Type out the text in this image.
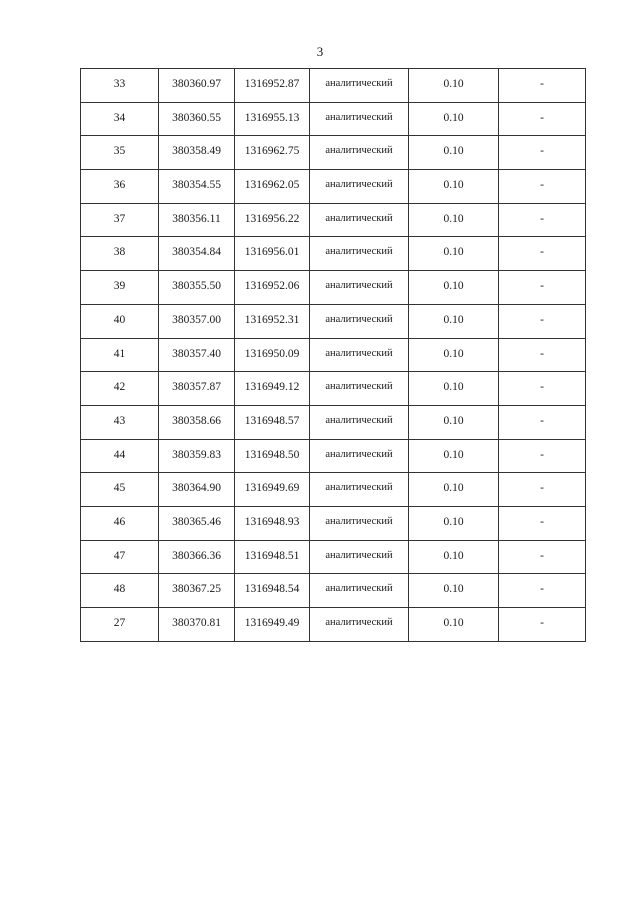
3
33	380360.97	1316952.87	аналитический	0.10	-
34	380360.55	1316955.13	аналитический	0.10	-
35	380358.49	1316962.75	аналитический	0.10	-
36	380354.55	1316962.05	аналитический	0.10	-
37	380356.11	1316956.22	аналитический	0.10	-
38	380354.84	1316956.01	аналитический	0.10	-
39	380355.50	1316952.06	аналитический	0.10	-
40	380357.00	1316952.31	аналитический	0.10	-
41	380357.40	1316950.09	аналитический	0.10	-
42	380357.87	1316949.12	аналитический	0.10	-
43	380358.66	1316948.57	аналитический	0.10	-
44	380359.83	1316948.50	аналитический	0.10	-
45	380364.90	1316949.69	аналитический	0.10	-
46	380365.46	1316948.93	аналитический	0.10	-
47	380366.36	1316948.51	аналитический	0.10	-
48	380367.25	1316948.54	аналитический	0.10	-
27	380370.81	1316949.49	аналитический	0.10	-
